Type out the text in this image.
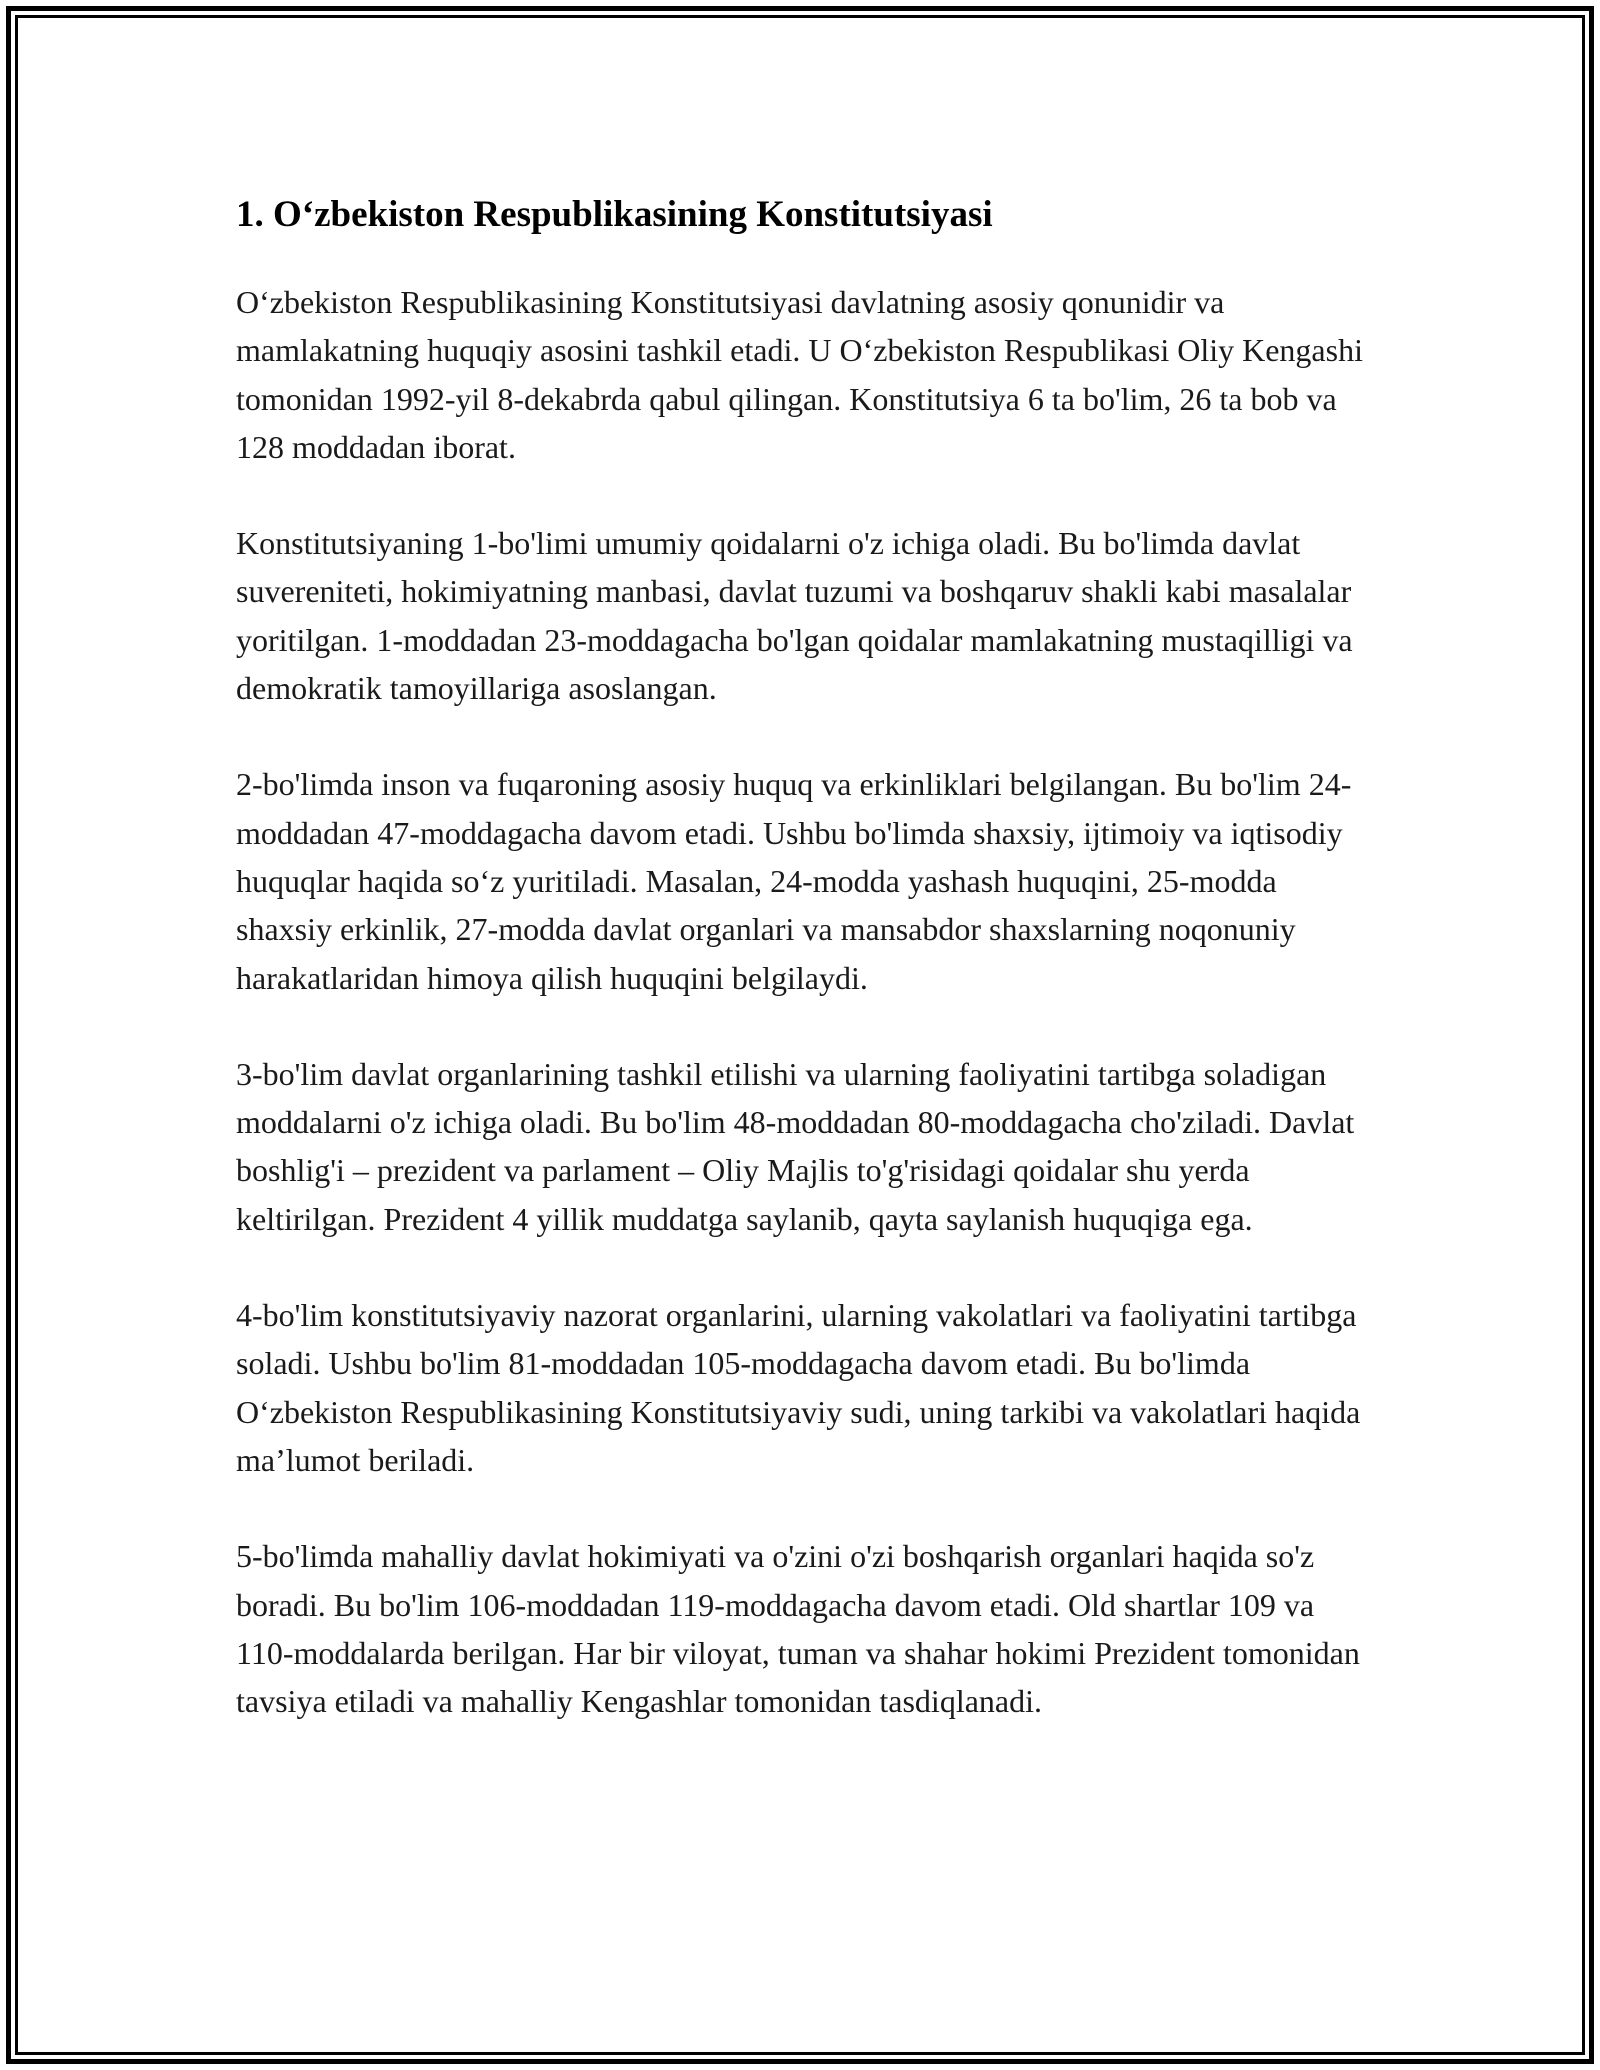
1. O‘zbekiston Respublikasining Konstitutsiyasi

O‘zbekiston Respublikasining Konstitutsiyasi davlatning asosiy qonunidir va mamlakatning huquqiy asosini tashkil etadi. U O‘zbekiston Respublikasi Oliy Kengashi tomonidan 1992-yil 8-dekabrda qabul qilingan. Konstitutsiya 6 ta bo'lim, 26 ta bob va 128 moddadan iborat.

Konstitutsiyaning 1-bo'limi umumiy qoidalarni o'z ichiga oladi. Bu bo'limda davlat suvereniteti, hokimiyatning manbasi, davlat tuzumi va boshqaruv shakli kabi masalalar yoritilgan. 1-moddadan 23-moddagacha bo'lgan qoidalar mamlakatning mustaqilligi va demokratik tamoyillariga asoslangan.

2-bo'limda inson va fuqaroning asosiy huquq va erkinliklari belgilangan. Bu bo'lim 24-moddadan 47-moddagacha davom etadi. Ushbu bo'limda shaxsiy, ijtimoiy va iqtisodiy huquqlar haqida so‘z yuritiladi. Masalan, 24-modda yashash huquqini, 25-modda shaxsiy erkinlik, 27-modda davlat organlari va mansabdor shaxslarning noqonuniy harakatlaridan himoya qilish huquqini belgilaydi.

3-bo'lim davlat organlarining tashkil etilishi va ularning faoliyatini tartibga soladigan moddalarni o'z ichiga oladi. Bu bo'lim 48-moddadan 80-moddagacha cho'ziladi. Davlat boshlig'i – prezident va parlament – Oliy Majlis to'g'risidagi qoidalar shu yerda keltirilgan. Prezident 4 yillik muddatga saylanib, qayta saylanish huquqiga ega.

4-bo'lim konstitutsiyaviy nazorat organlarini, ularning vakolatlari va faoliyatini tartibga soladi. Ushbu bo'lim 81-moddadan 105-moddagacha davom etadi. Bu bo'limda O‘zbekiston Respublikasining Konstitutsiyaviy sudi, uning tarkibi va vakolatlari haqida ma’lumot beriladi.

5-bo'limda mahalliy davlat hokimiyati va o'zini o'zi boshqarish organlari haqida so'z boradi. Bu bo'lim 106-moddadan 119-moddagacha davom etadi. Old shartlar 109 va 110-moddalarda berilgan. Har bir viloyat, tuman va shahar hokimi Prezident tomonidan tavsiya etiladi va mahalliy Kengashlar tomonidan tasdiqlanadi.
